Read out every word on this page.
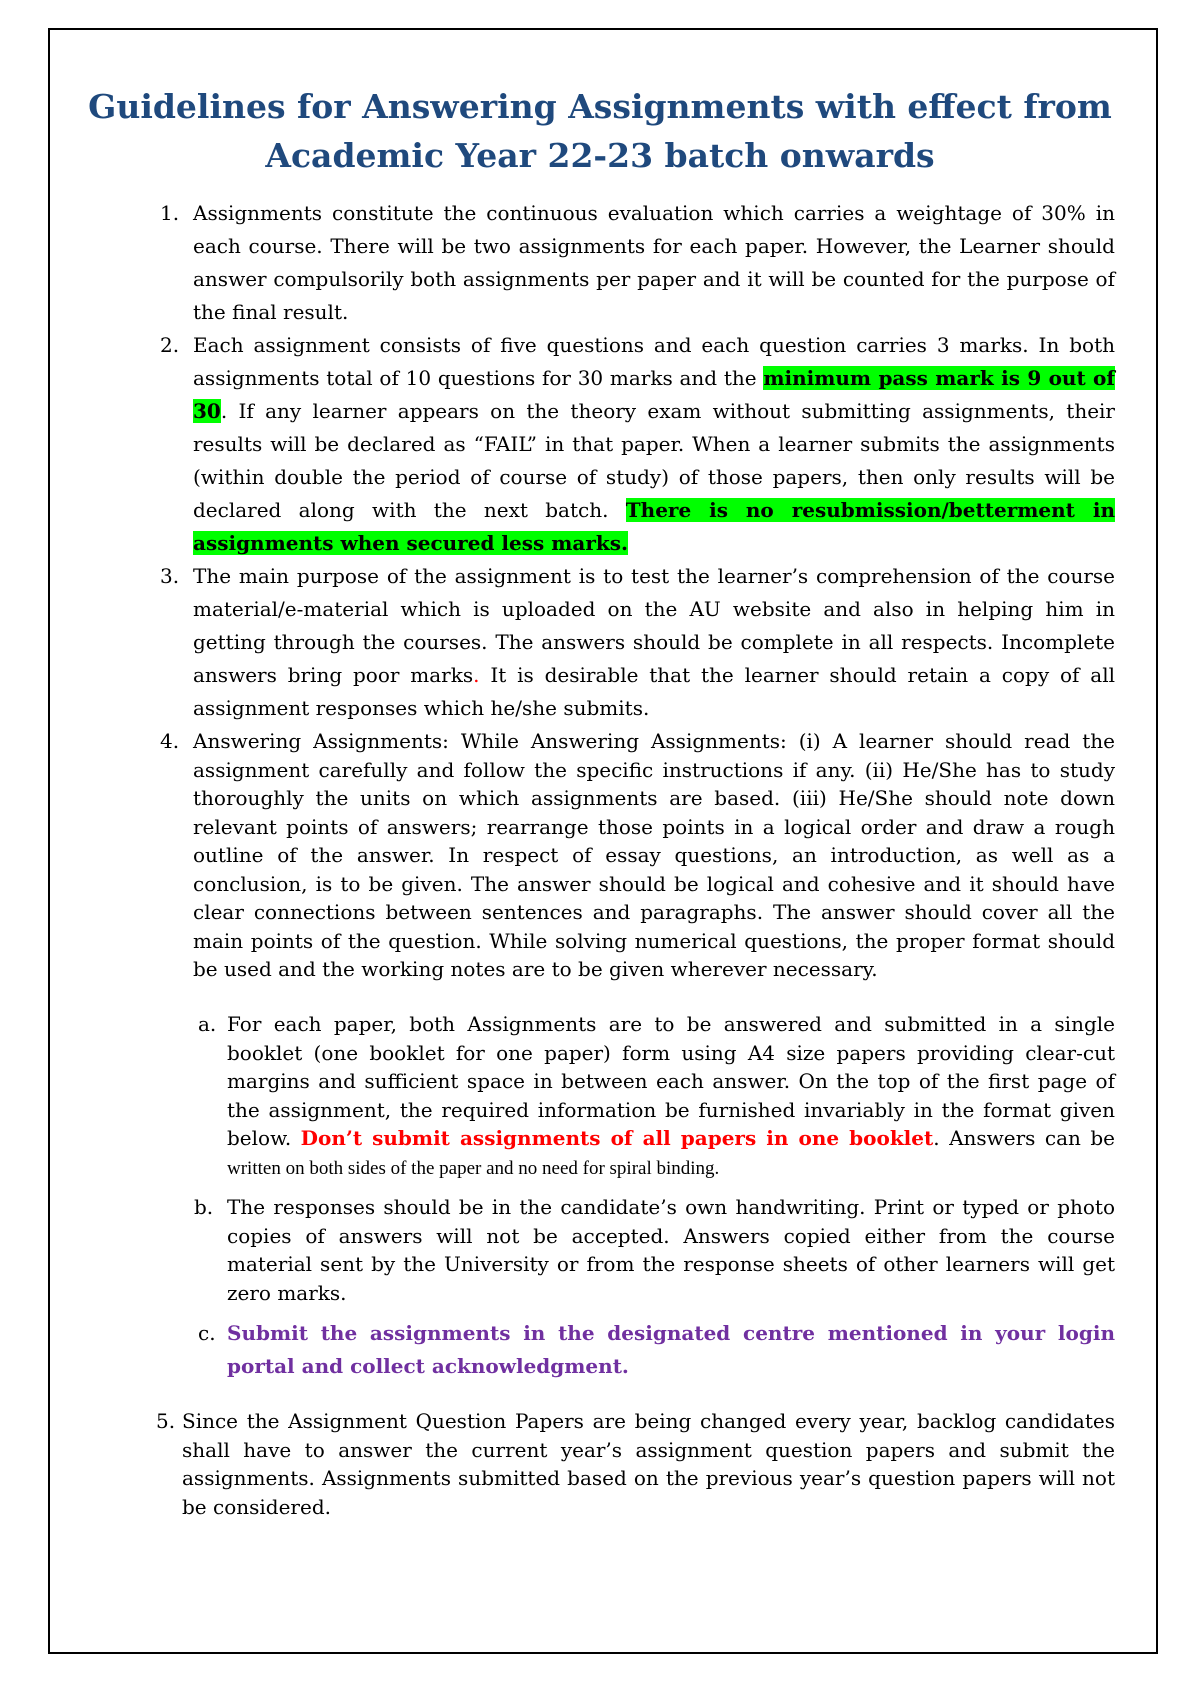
Guidelines for Answering Assignments with effect from
Academic Year 22-23 batch onwards
1. Assignments constitute the continuous evaluation which carries a weightage of 30% in each course. There will be two assignments for each paper. However, the Learner should answer compulsorily both assignments per paper and it will be counted for the purpose of the final result.
2. Each assignment consists of five questions and each question carries 3 marks. In both assignments total of 10 questions for 30 marks and the minimum pass mark is 9 out of 30. If any learner appears on the theory exam without submitting assignments, their results will be declared as “FAIL” in that paper. When a learner submits the assignments (within double the period of course of study) of those papers, then only results will be declared along with the next batch. There is no resubmission/betterment in assignments when secured less marks.
3. The main purpose of the assignment is to test the learner’s comprehension of the course material/e-material which is uploaded on the AU website and also in helping him in getting through the courses. The answers should be complete in all respects. Incomplete answers bring poor marks. It is desirable that the learner should retain a copy of all assignment responses which he/she submits.
4. Answering Assignments: While Answering Assignments: (i) A learner should read the assignment carefully and follow the specific instructions if any. (ii) He/She has to study thoroughly the units on which assignments are based. (iii) He/She should note down relevant points of answers; rearrange those points in a logical order and draw a rough outline of the answer. In respect of essay questions, an introduction, as well as a conclusion, is to be given. The answer should be logical and cohesive and it should have clear connections between sentences and paragraphs. The answer should cover all the main points of the question. While solving numerical questions, the proper format should be used and the working notes are to be given wherever necessary.
a. For each paper, both Assignments are to be answered and submitted in a single booklet (one booklet for one paper) form using A4 size papers providing clear-cut margins and sufficient space in between each answer. On the top of the first page of the assignment, the required information be furnished invariably in the format given below. Don’t submit assignments of all papers in one booklet. Answers can be written on both sides of the paper and no need for spiral binding.
b. The responses should be in the candidate’s own handwriting. Print or typed or photo copies of answers will not be accepted. Answers copied either from the course material sent by the University or from the response sheets of other learners will get zero marks.
c. Submit the assignments in the designated centre mentioned in your login portal and collect acknowledgment.
5. Since the Assignment Question Papers are being changed every year, backlog candidates shall have to answer the current year’s assignment question papers and submit the assignments. Assignments submitted based on the previous year’s question papers will not be considered.
